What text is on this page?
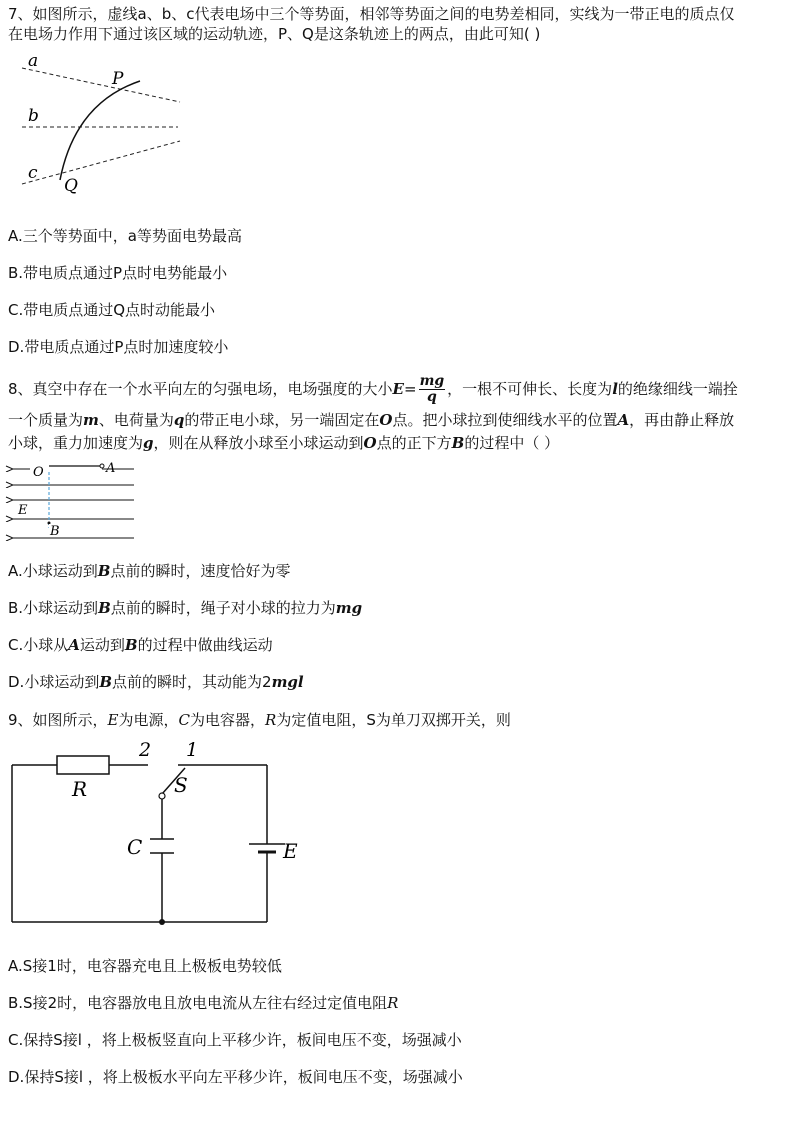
7、如图所示，虚线a、b、c代表电场中三个等势面，相邻等势面之间的电势差相同，实线为一带正电的质点仅
在电场力作用下通过该区域的运动轨迹，P、Q是这条轨迹上的两点，由此可知( )
a
P
b
c
Q
A.三个等势面中，a等势面电势最高
B.带电质点通过P点时电势能最小
C.带电质点通过Q点时动能最小
D.带电质点通过P点时加速度较小
8、真空中存在一个水平向左的匀强电场，电场强度的大小$E= \frac{mg}{q}$ ，一根不可伸长、长度为l的绝缘细线一端拴
一个质量为m、电荷量为q的带正电小球，另一端固定在O点。把小球拉到使细线水平的位置A，再由静止释放
小球，重力加速度为g，则在从释放小球至小球运动到O点的正下方B的过程中（ ）
O	A
E
B
A.小球运动到B点前的瞬时，速度恰好为零
B.小球运动到B点前的瞬时，绳子对小球的拉力为mg
C.小球从A运动到B的过程中做曲线运动
D.小球运动到B点前的瞬时，其动能为2mgl
9、如图所示，E为电源，C为电容器，R为定值电阻，S为单刀双掷开关，则
R
2 1
S
C	E
A.S接1时，电容器充电且上极板电势较低
B.S接2时，电容器放电且放电电流从左往右经过定值电阻R
C.保持S接l ，将上极板竖直向上平移少许，板间电压不变，场强减小
D.保持S接l ，将上极板水平向左平移少许，板间电压不变，场强减小
